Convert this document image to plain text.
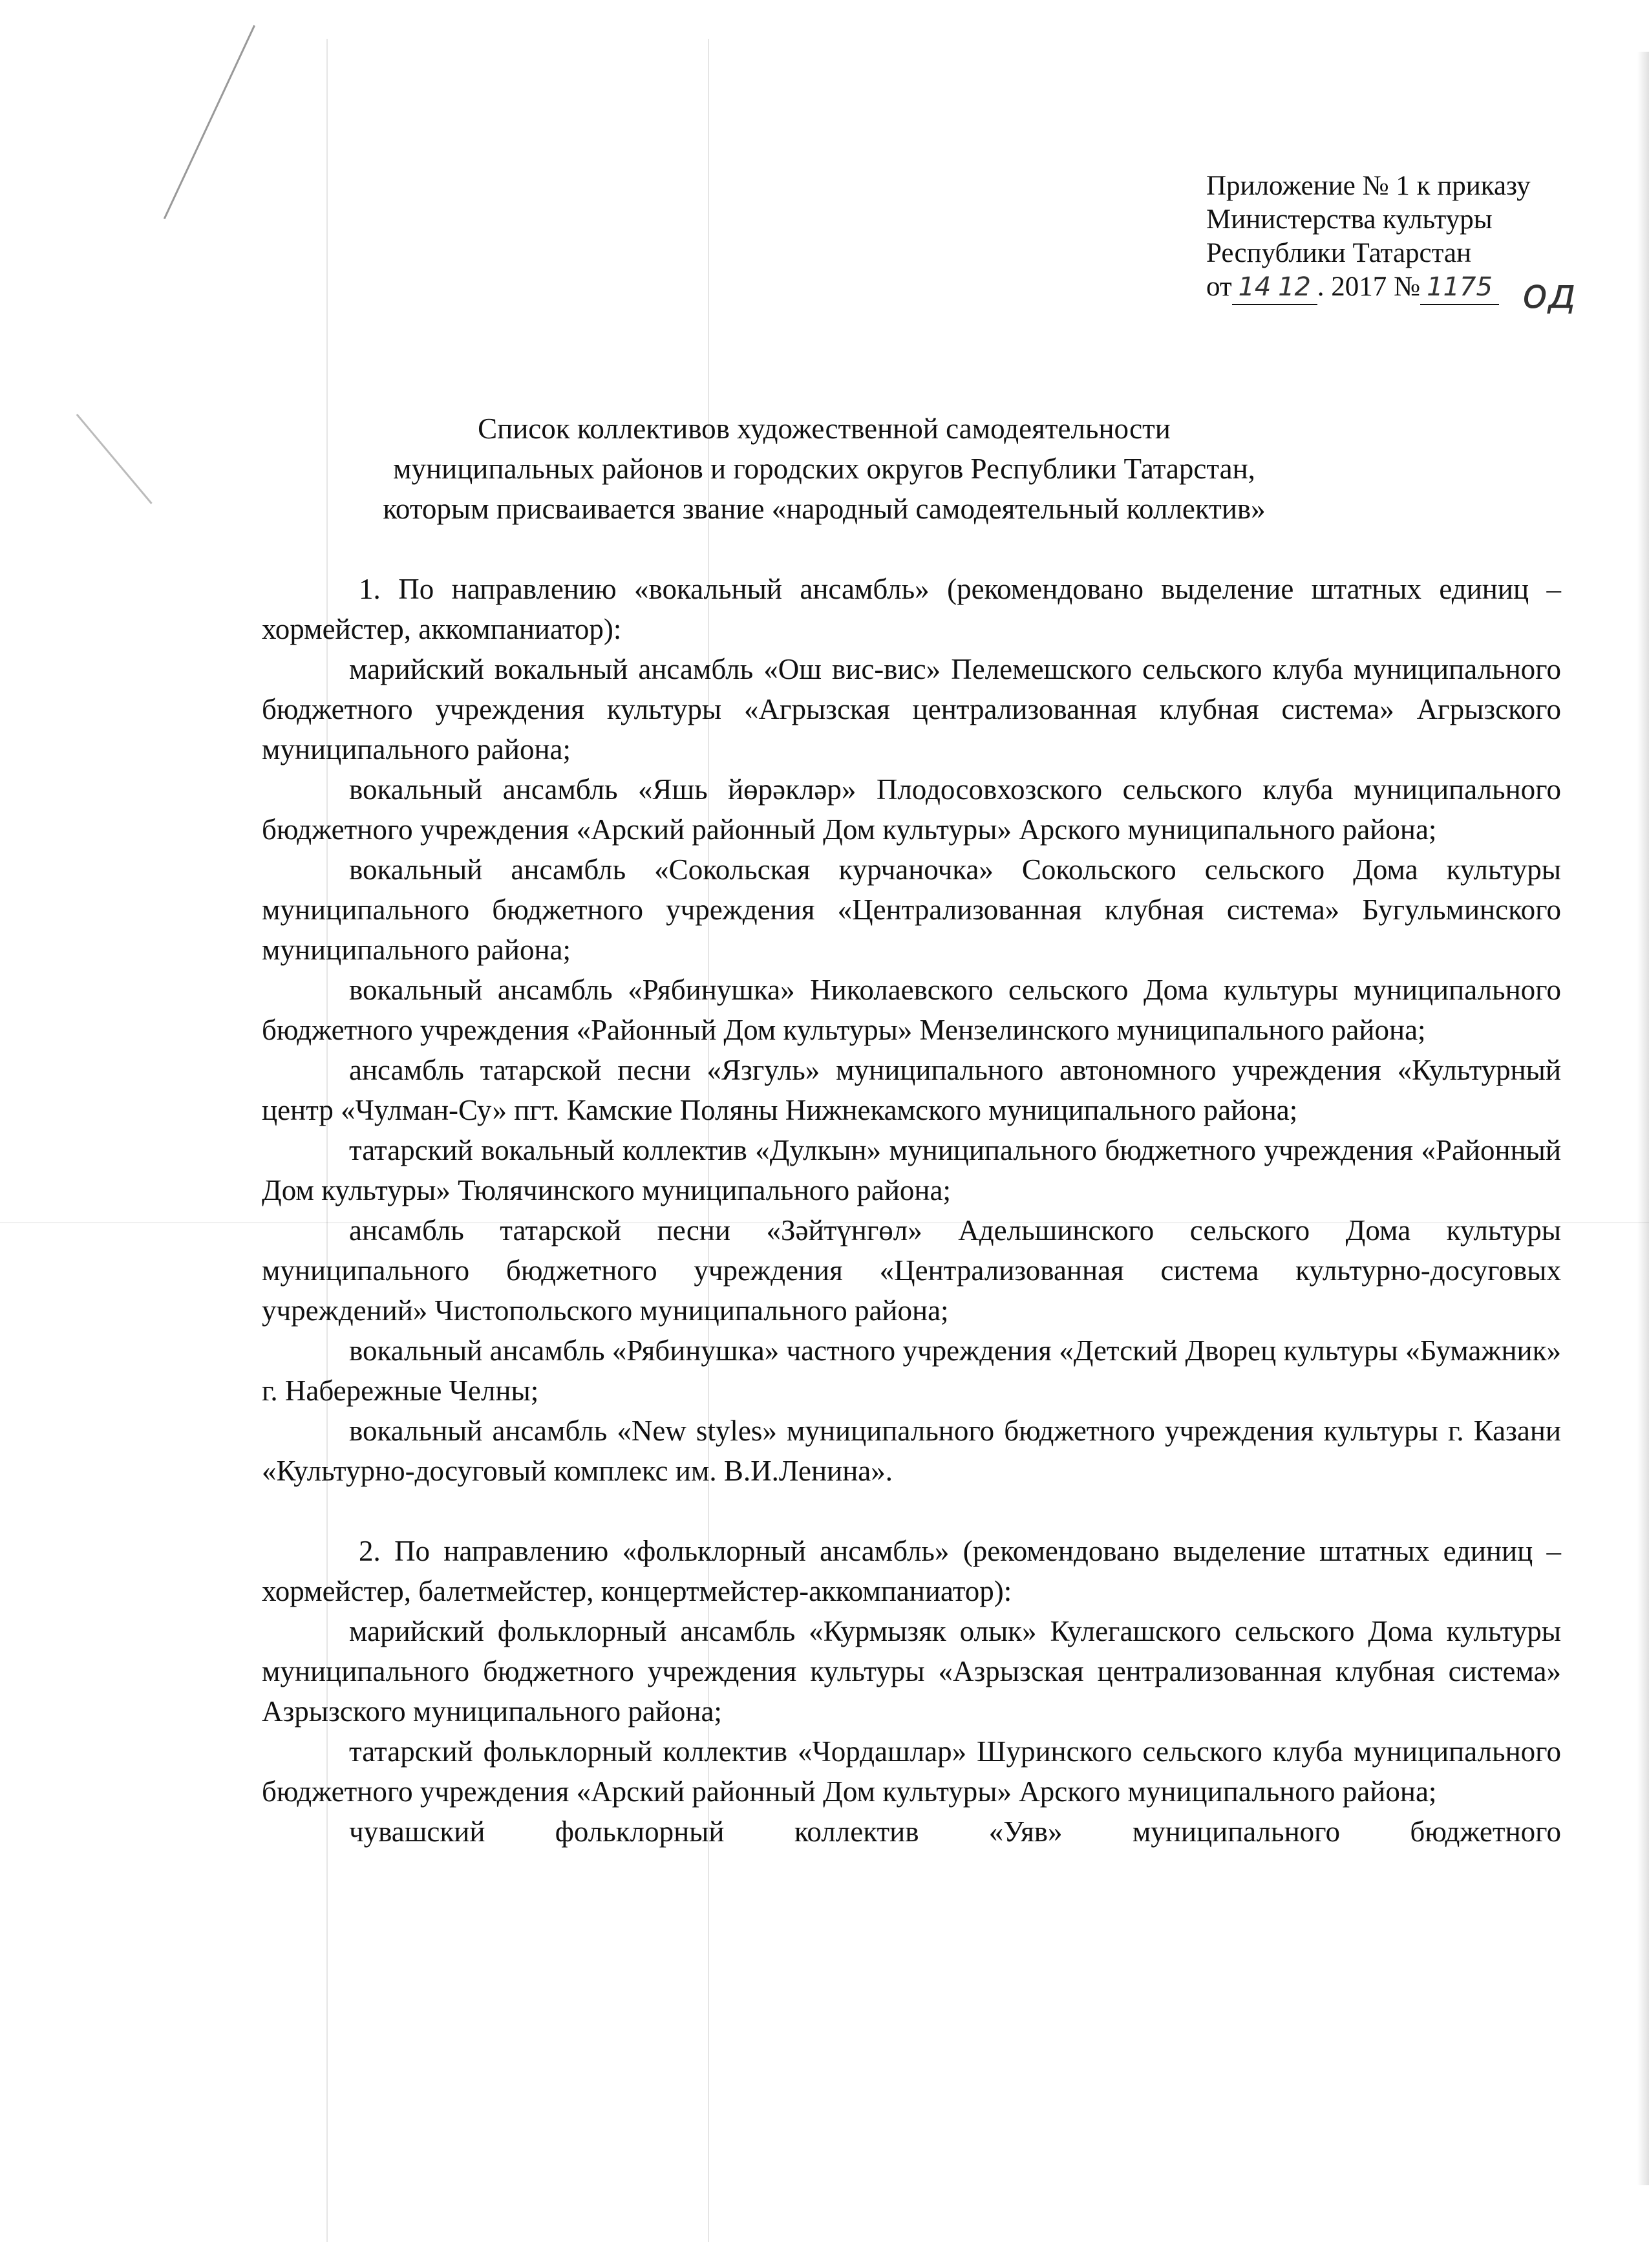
Приложение № 1 к приказу
Министерства культуры
Республики Татарстан
от 14 12 . 2017 № 1175 од
Список коллективов художественной самодеятельности
муниципальных районов и городских округов Республики Татарстан,
которым присваивается звание «народный самодеятельный коллектив»

1. По направлению «вокальный ансамбль» (рекомендовано выделение штатных единиц – хормейстер, аккомпаниатор):

марийский вокальный ансамбль «Ош вис-вис» Пелемешского сельского клуба муниципального бюджетного учреждения культуры «Агрызская централизованная клубная система» Агрызского муниципального района;

вокальный ансамбль «Яшь йөрәкләр» Плодосовхозского сельского клуба муниципального бюджетного учреждения «Арский районный Дом культуры» Арского муниципального района;

вокальный ансамбль «Сокольская курчаночка» Сокольского сельского Дома культуры муниципального бюджетного учреждения «Централизованная клубная система» Бугульминского муниципального района;

вокальный ансамбль «Рябинушка» Николаевского сельского Дома культуры муниципального бюджетного учреждения «Районный Дом культуры» Мензелинского муниципального района;

ансамбль татарской песни «Язгуль» муниципального автономного учреждения «Культурный центр «Чулман-Су» пгт. Камские Поляны Нижнекамского муниципального района;

татарский вокальный коллектив «Дулкын» муниципального бюджетного учреждения «Районный Дом культуры» Тюлячинского муниципального района;

ансамбль татарской песни «Зәйтүнгөл» Адельшинского сельского Дома культуры муниципального бюджетного учреждения «Централизованная система культурно-досуговых учреждений» Чистопольского муниципального района;

вокальный ансамбль «Рябинушка» частного учреждения «Детский Дворец культуры «Бумажник» г. Набережные Челны;

вокальный ансамбль «New styles» муниципального бюджетного учреждения культуры г. Казани «Культурно-досуговый комплекс им. В.И.Ленина».

2. По направлению «фольклорный ансамбль» (рекомендовано выделение штатных единиц – хормейстер, балетмейстер, концертмейстер-аккомпаниатор):

марийский фольклорный ансамбль «Курмызяк олык» Кулегашского сельского Дома культуры муниципального бюджетного учреждения культуры «Азрызская централизованная клубная система» Азрызского муниципального района;

татарский фольклорный коллектив «Чордашлар» Шуринского сельского клуба муниципального бюджетного учреждения «Арский районный Дом культуры» Арского муниципального района;

чувашский фольклорный коллектив «Уяв» муниципального бюджетного
